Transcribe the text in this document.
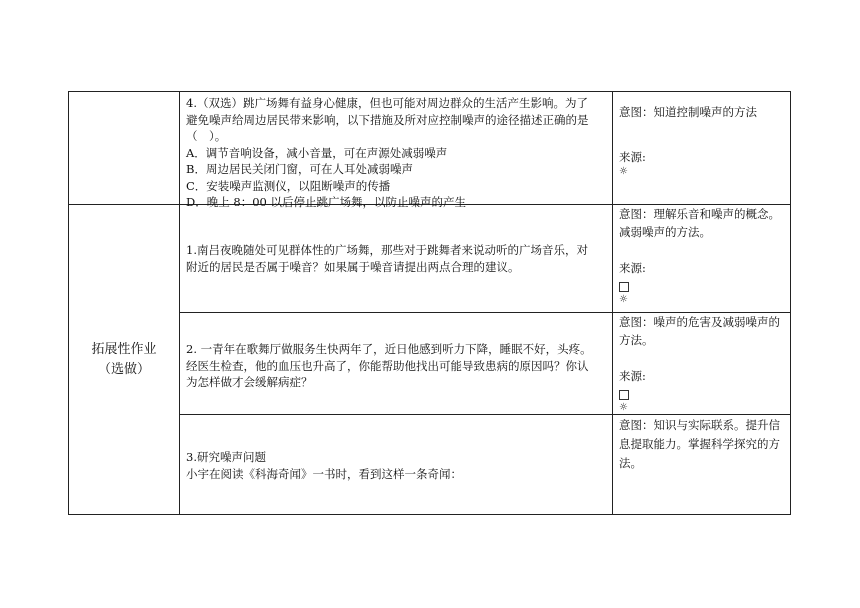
拓展性作业
（选做）
4.（双选）跳广场舞有益身心健康，但也可能对周边群众的生活产生影响。为了
避免噪声给周边居民带来影响，以下措施及所对应控制噪声的途径描述正确的是
（　）。
A．调节音响设备，减小音量，可在声源处减弱噪声
B．周边居民关闭门窗，可在人耳处减弱噪声
C．安装噪声监测仪，以阻断噪声的传播
D．晚上 8：00 以后停止跳广场舞，以防止噪声的产生
意图：知道控制噪声的方法
来源:
☼
1.南吕夜晚随处可见群体性的广场舞，那些对于跳舞者来说动听的广场音乐，对
附近的居民是否属于噪音？如果属于噪音请提出两点合理的建议。
意图：理解乐音和噪声的概念。
减弱噪声的方法。
来源:
☼
2. 一青年在歌舞厅做服务生快两年了，近日他感到听力下降，睡眠不好，头疼。
经医生检查，他的血压也升高了，你能帮助他找出可能导致患病的原因吗？你认
为怎样做才会缓解病症？
意图：噪声的危害及减弱噪声的
方法。
来源:
☼
3.研究噪声问题
小宇在阅读《科海奇闻》一书时，看到这样一条奇闻：
意图：知识与实际联系。提升信
息提取能力。掌握科学探究的方
法。
